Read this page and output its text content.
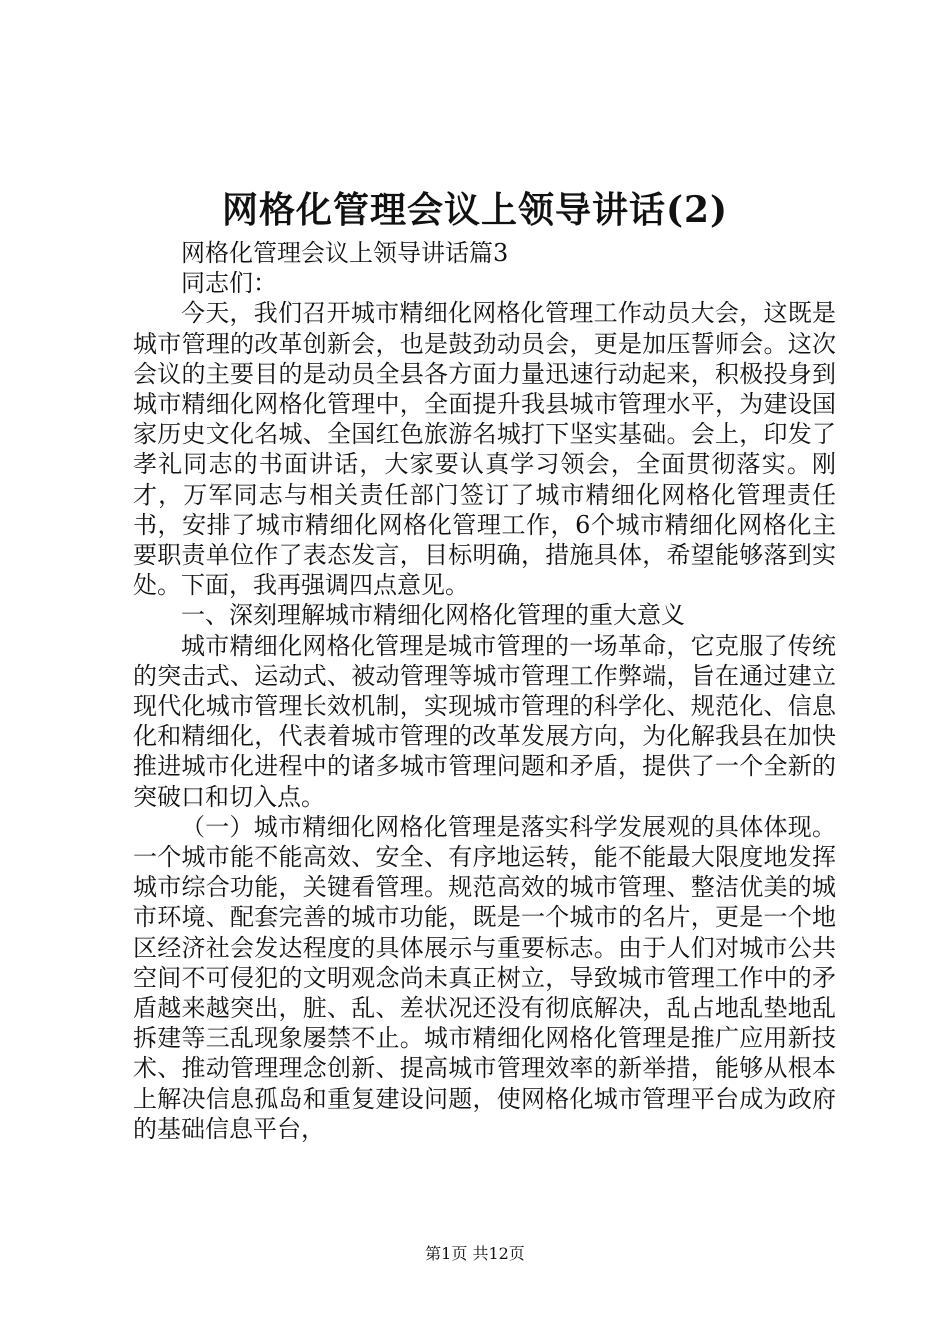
网格化管理会议上领导讲话(2)

网格化管理会议上领导讲话篇3

同志们：

今天，我们召开城市精细化网格化管理工作动员大会，这既是城市管理的改革创新会，也是鼓劲动员会，更是加压誓师会。这次会议的主要目的是动员全县各方面力量迅速行动起来，积极投身到城市精细化网格化管理中，全面提升我县城市管理水平，为建设国家历史文化名城、全国红色旅游名城打下坚实基础。会上，印发了孝礼同志的书面讲话，大家要认真学习领会，全面贯彻落实。刚才，万军同志与相关责任部门签订了城市精细化网格化管理责任书，安排了城市精细化网格化管理工作，6个城市精细化网格化主要职责单位作了表态发言，目标明确，措施具体，希望能够落到实处。下面，我再强调四点意见。

一、深刻理解城市精细化网格化管理的重大意义

城市精细化网格化管理是城市管理的一场革命，它克服了传统的突击式、运动式、被动管理等城市管理工作弊端，旨在通过建立现代化城市管理长效机制，实现城市管理的科学化、规范化、信息化和精细化，代表着城市管理的改革发展方向，为化解我县在加快推进城市化进程中的诸多城市管理问题和矛盾，提供了一个全新的突破口和切入点。

（一）城市精细化网格化管理是落实科学发展观的具体体现。一个城市能不能高效、安全、有序地运转，能不能最大限度地发挥城市综合功能，关键看管理。规范高效的城市管理、整洁优美的城市环境、配套完善的城市功能，既是一个城市的名片，更是一个地区经济社会发达程度的具体展示与重要标志。由于人们对城市公共空间不可侵犯的文明观念尚未真正树立，导致城市管理工作中的矛盾越来越突出，脏、乱、差状况还没有彻底解决，乱占地乱垫地乱拆建等三乱现象屡禁不止。城市精细化网格化管理是推广应用新技术、推动管理理念创新、提高城市管理效率的新举措，能够从根本上解决信息孤岛和重复建设问题，使网格化城市管理平台成为政府的基础信息平台，

第1页 共12页
